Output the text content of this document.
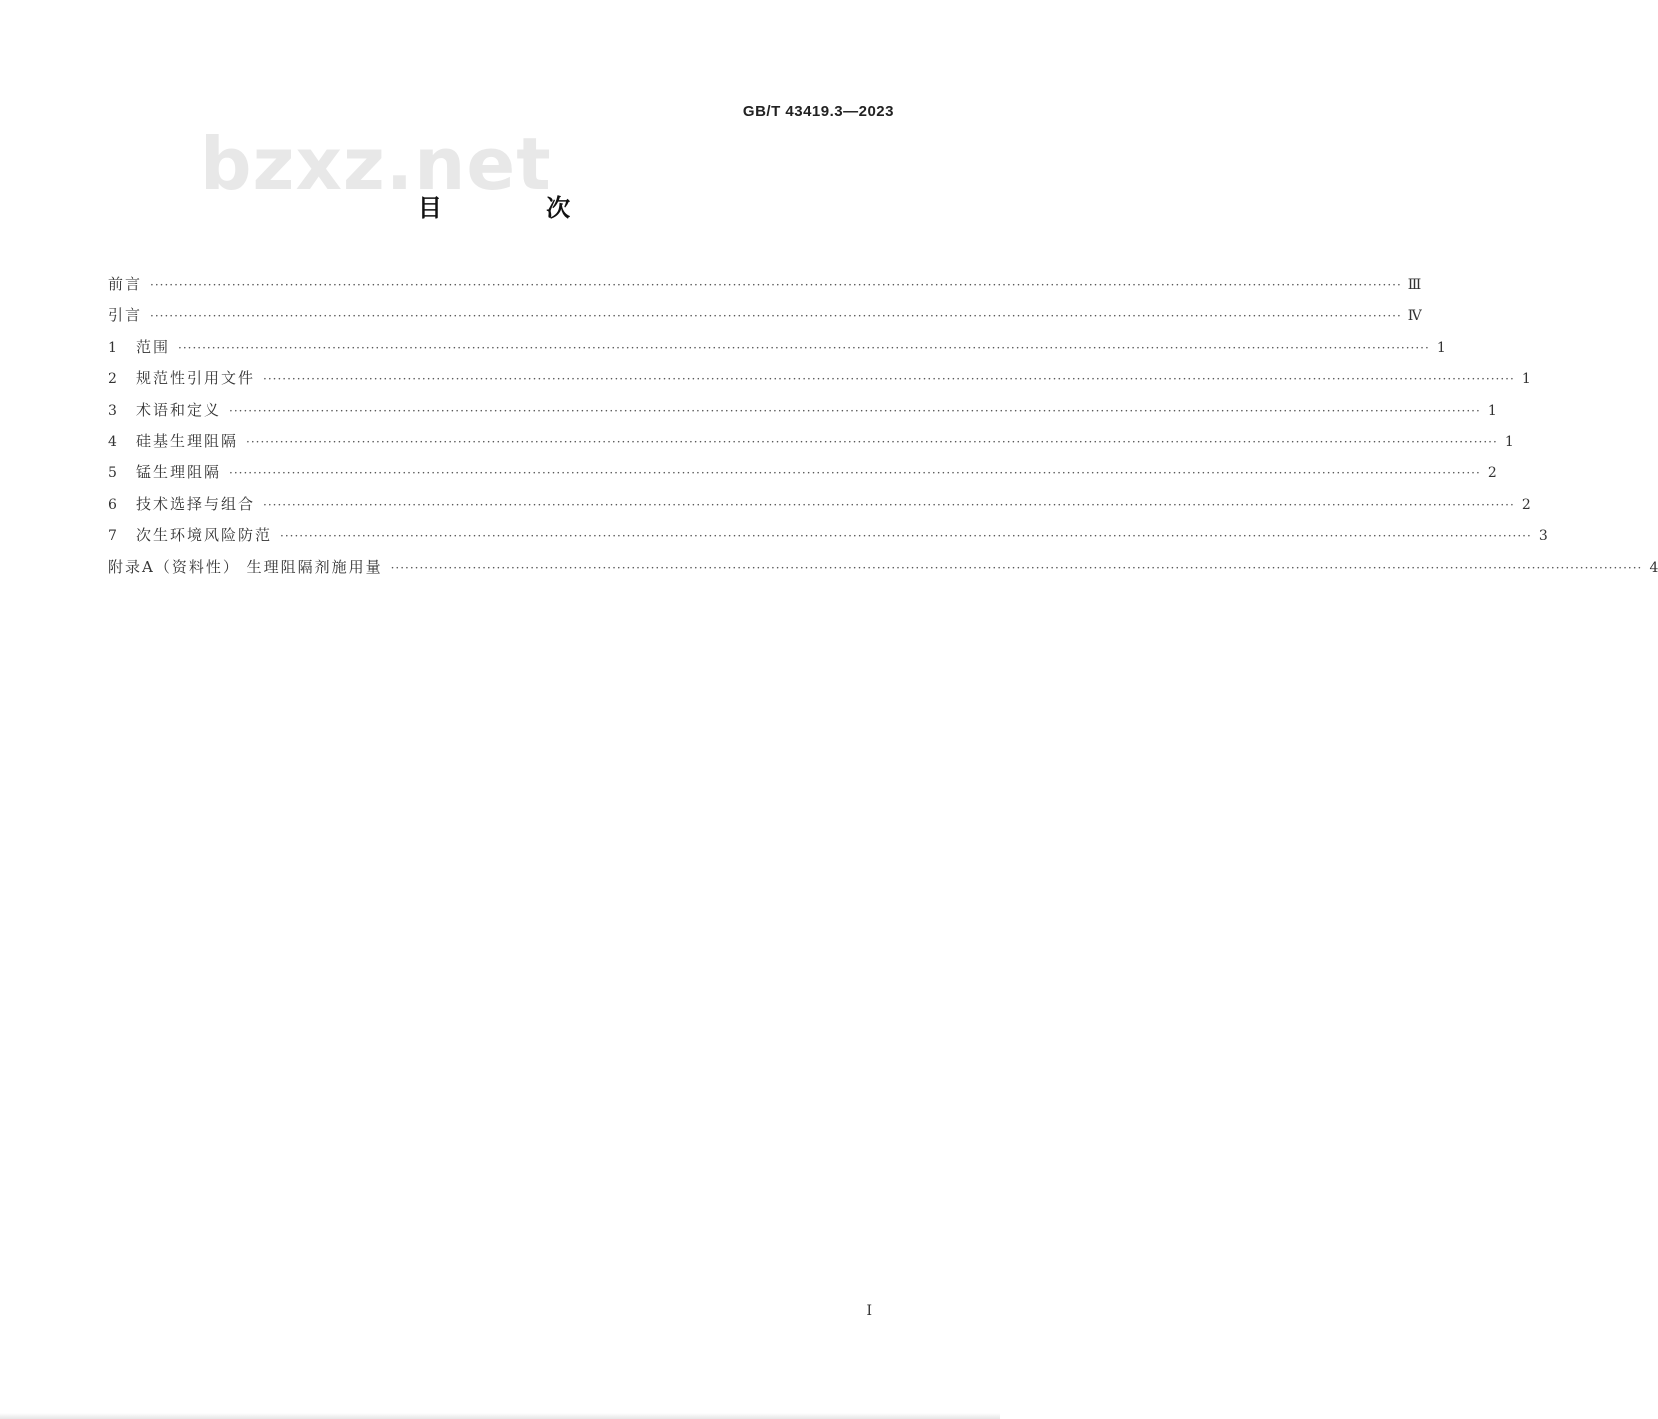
GB/T 43419.3—2023
bzxz.net
目 次
前言 ···································································································································································································································································· Ⅲ
引言 ···································································································································································································································································· Ⅳ
1	范围 ···································································································································································································································································· 1
2	规范性引用文件 ···································································································································································································································································· 1
3	术语和定义 ···································································································································································································································································· 1
4	硅基生理阻隔 ···································································································································································································································································· 1
5	锰生理阻隔 ···································································································································································································································································· 2
6	技术选择与组合 ···································································································································································································································································· 2
7	次生环境风险防范 ···································································································································································································································································· 3
附录A（资料性） 生理阻隔剂施用量 ···································································································································································································································································· 4
I
